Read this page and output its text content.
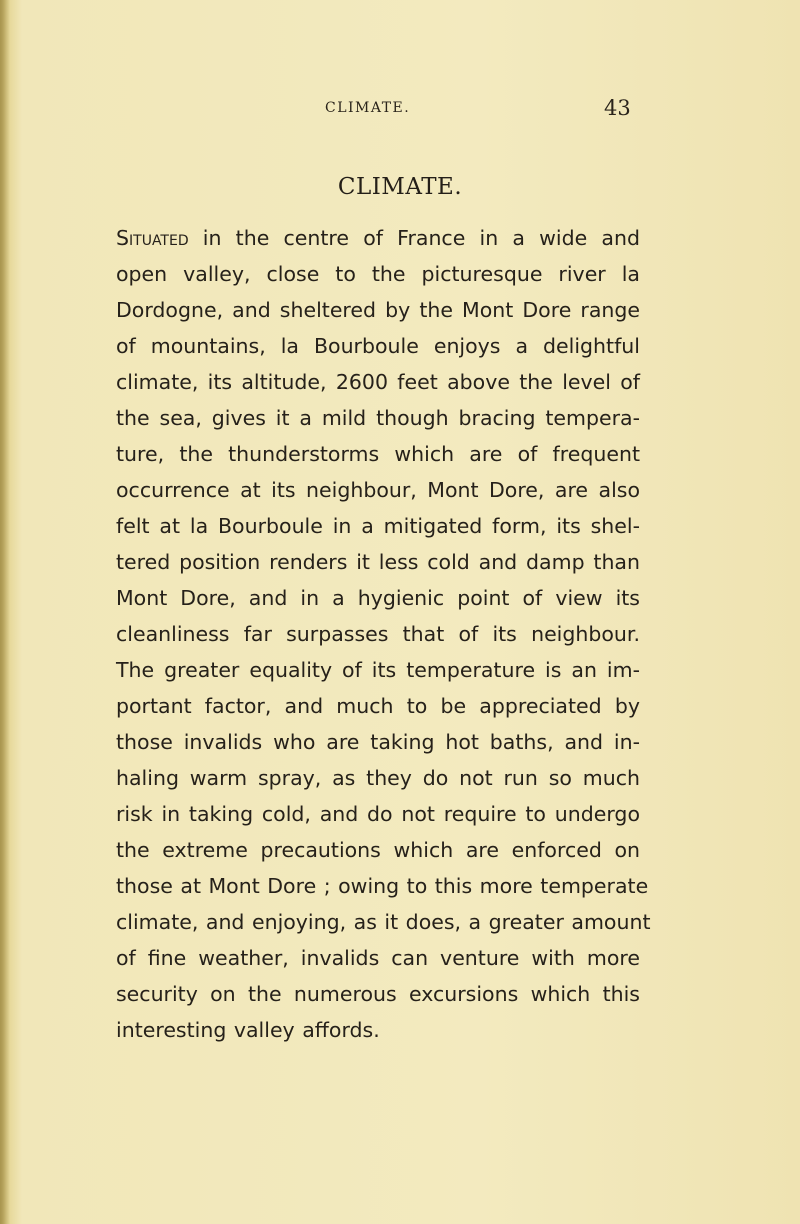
CLIMATE.	43
CLIMATE.
Situated in the centre of France in a wide and
open valley, close to the picturesque river la
Dordogne, and sheltered by the Mont Dore range
of mountains, la Bourboule enjoys a delightful
climate, its altitude, 2600 feet above the level of
the sea, gives it a mild though bracing tempera-
ture, the thunderstorms which are of frequent
occurrence at its neighbour, Mont Dore, are also
felt at la Bourboule in a mitigated form, its shel-
tered position renders it less cold and damp than
Mont Dore, and in a hygienic point of view its
cleanliness far surpasses that of its neighbour.
The greater equality of its temperature is an im-
portant factor, and much to be appreciated by
those invalids who are taking hot baths, and in-
haling warm spray, as they do not run so much
risk in taking cold, and do not require to undergo
the extreme precautions which are enforced on
those at Mont Dore ; owing to this more temperate
climate, and enjoying, as it does, a greater amount
of fine weather, invalids can venture with more
security on the numerous excursions which this
interesting valley affords.
